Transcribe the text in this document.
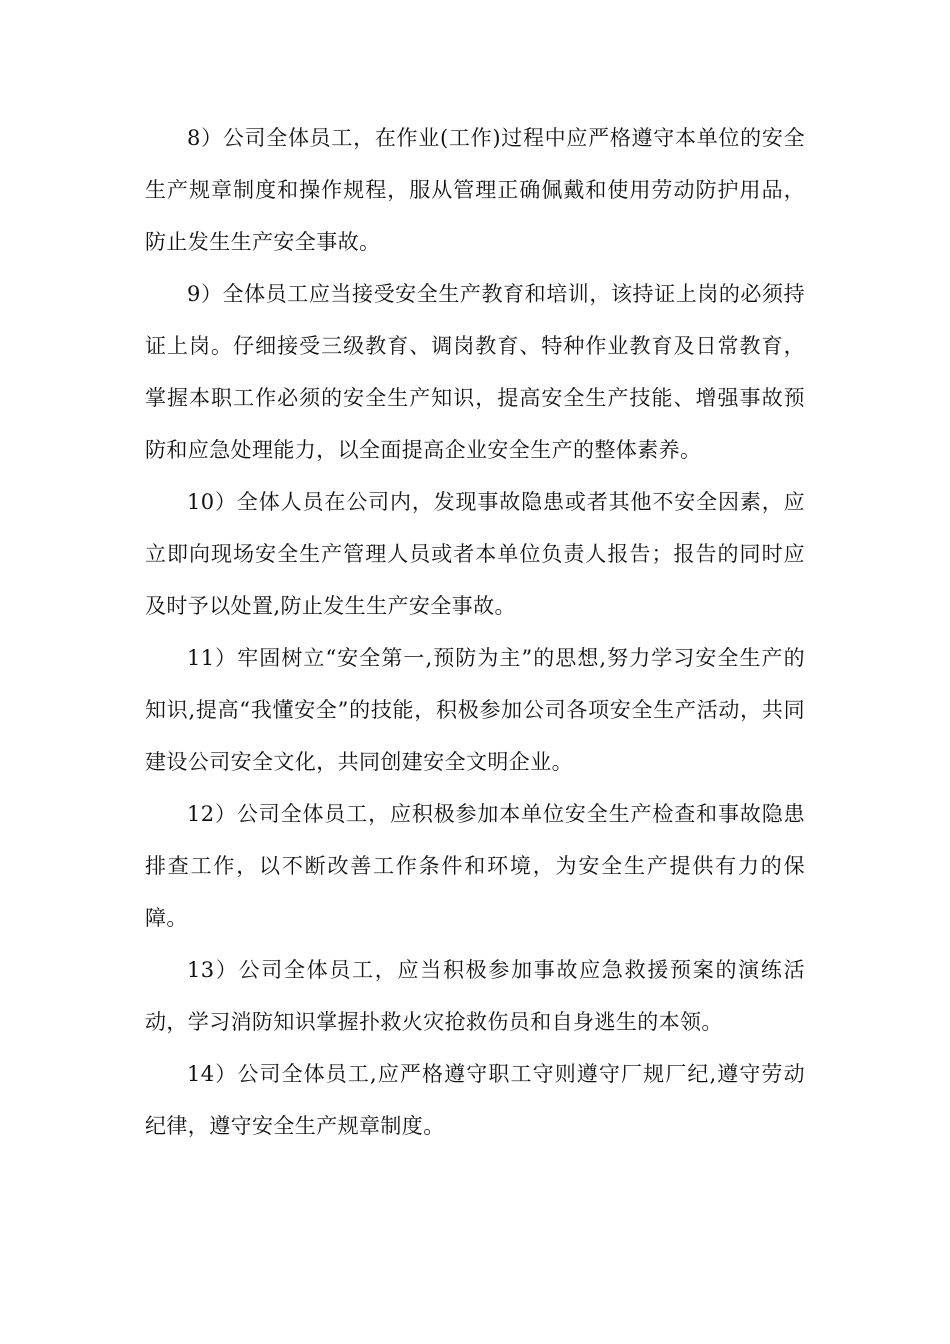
8）公司全体员工，在作业(工作)过程中应严格遵守本单位的安全生产规章制度和操作规程，服从管理正确佩戴和使用劳动防护用品，防止发生生产安全事故。

9）全体员工应当接受安全生产教育和培训，该持证上岗的必须持证上岗。仔细接受三级教育、调岗教育、特种作业教育及日常教育，掌握本职工作必须的安全生产知识，提高安全生产技能、增强事故预防和应急处理能力，以全面提高企业安全生产的整体素养。

10）全体人员在公司内，发现事故隐患或者其他不安全因素，应立即向现场安全生产管理人员或者本单位负责人报告；报告的同时应及时予以处置,防止发生生产安全事故。

11）牢固树立“安全第一,预防为主”的思想,努力学习安全生产的知识,提高“我懂安全”的技能，积极参加公司各项安全生产活动，共同建设公司安全文化，共同创建安全文明企业。

12）公司全体员工，应积极参加本单位安全生产检查和事故隐患排查工作，以不断改善工作条件和环境，为安全生产提供有力的保障。

13）公司全体员工，应当积极参加事故应急救援预案的演练活动，学习消防知识掌握扑救火灾抢救伤员和自身逃生的本领。

14）公司全体员工,应严格遵守职工守则遵守厂规厂纪,遵守劳动纪律，遵守安全生产规章制度。
